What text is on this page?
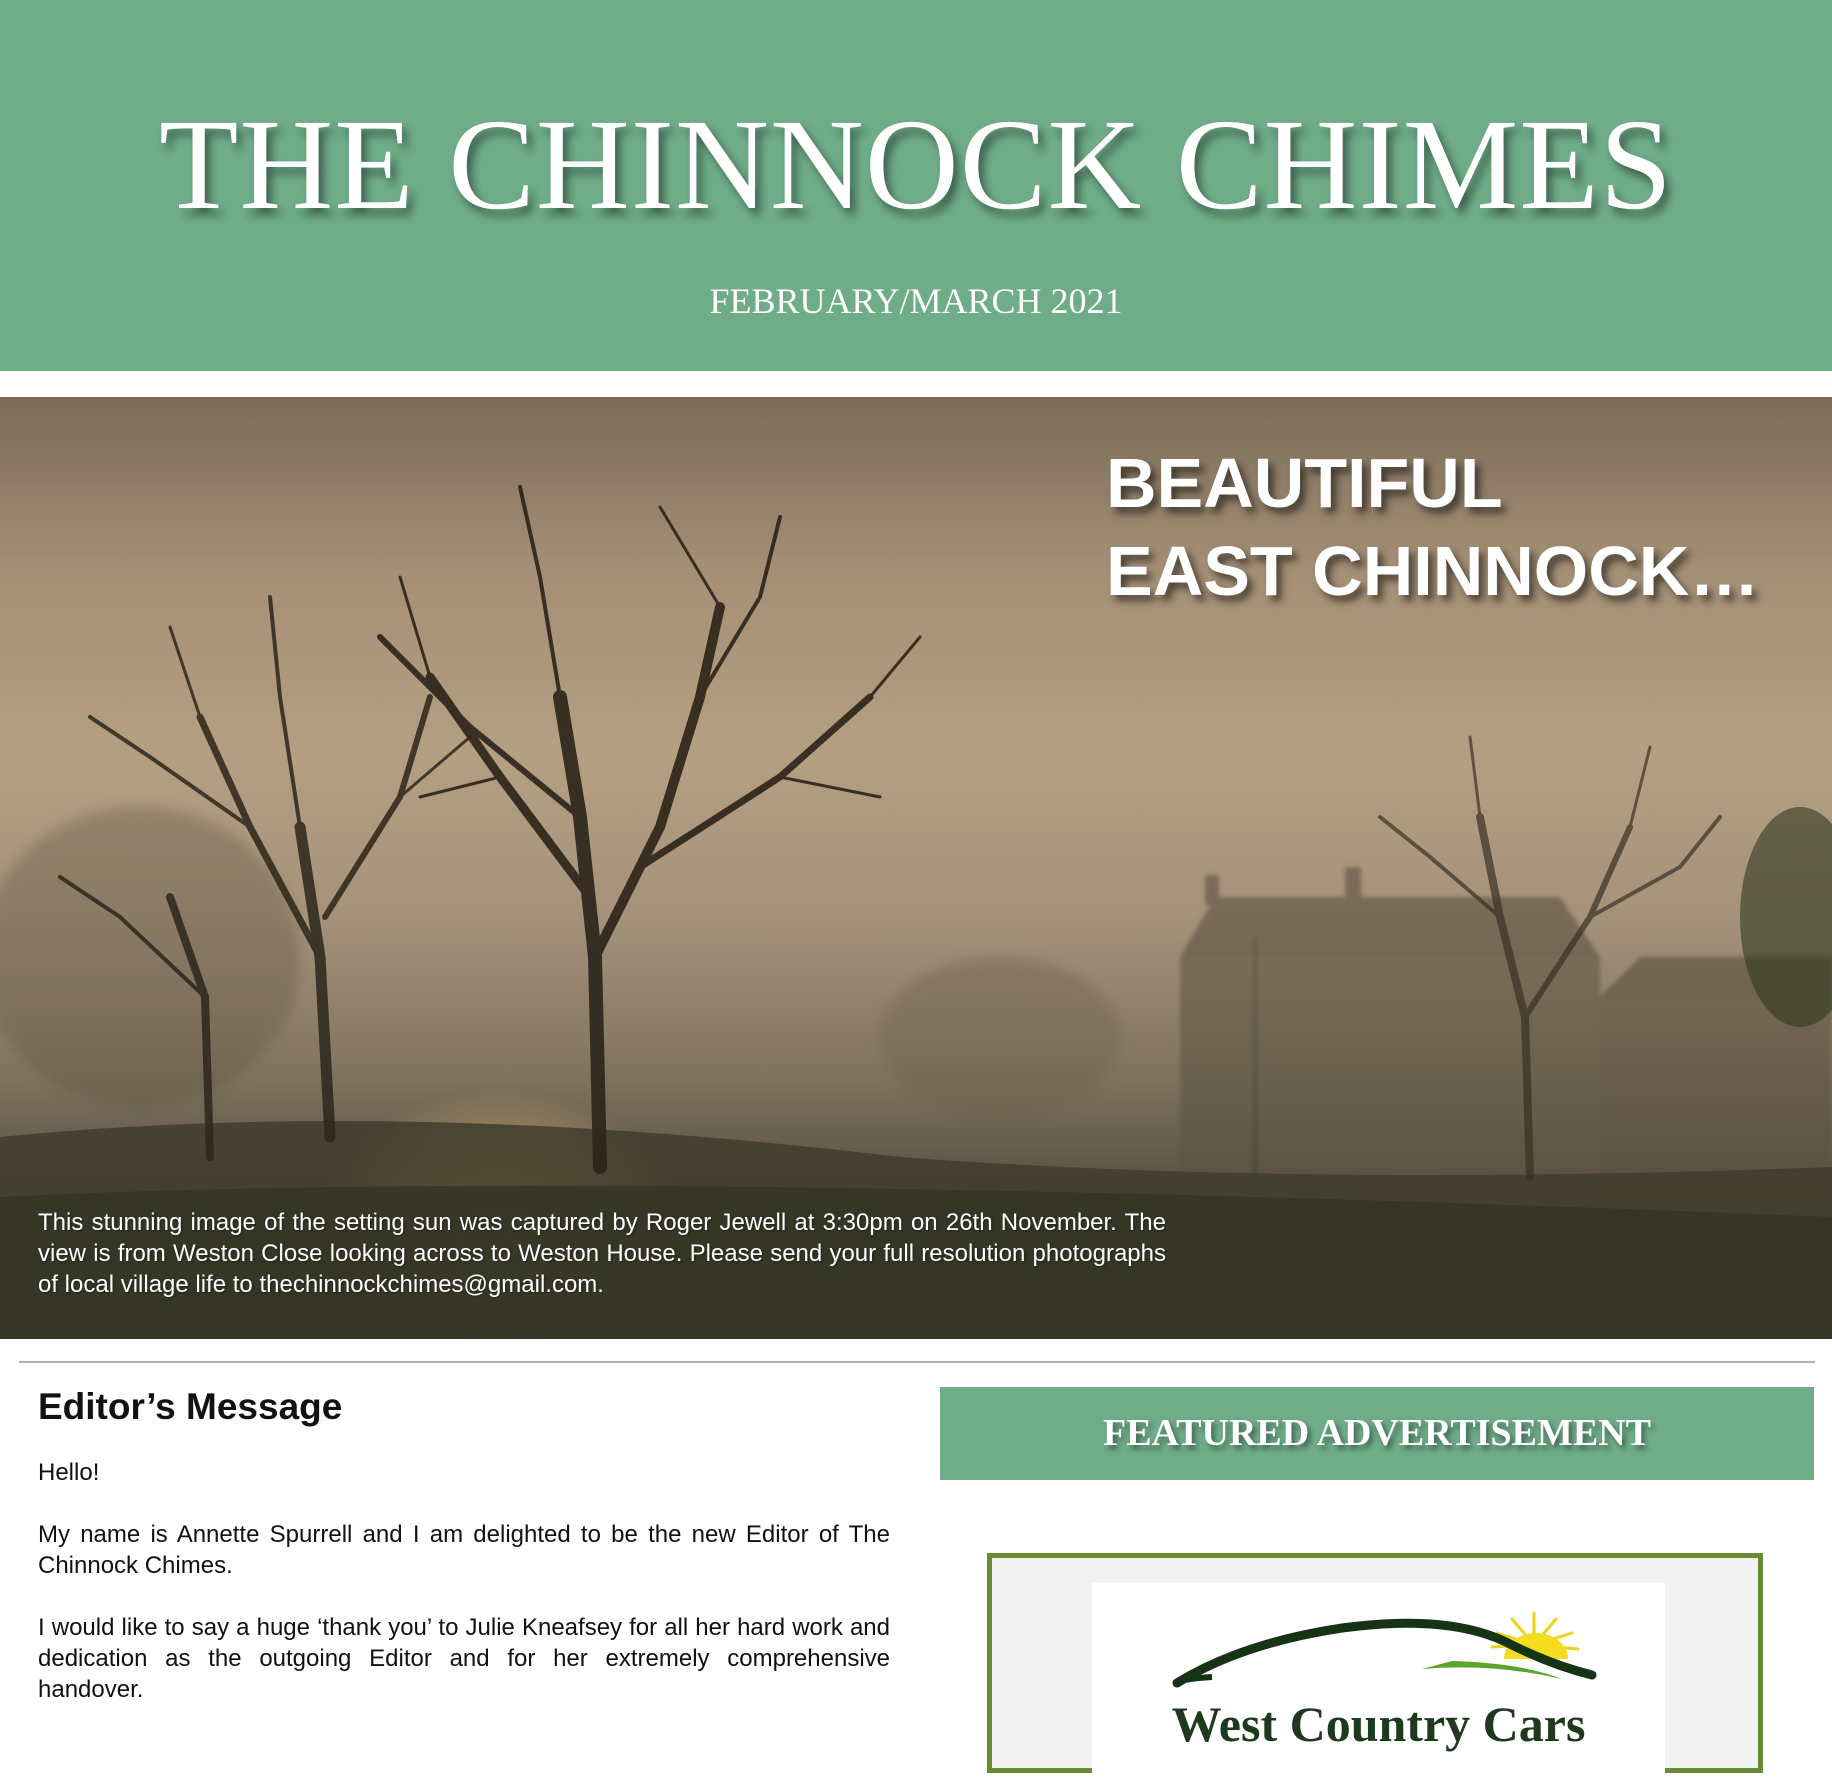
THE CHINNOCK CHIMES
FEBRUARY/MARCH 2021
BEAUTIFUL
EAST CHINNOCK…
This stunning image of the setting sun was captured by Roger Jewell at 3:30pm on 26th November. The view is from Weston Close looking across to Weston House. Please send your full resolution photographs of local village life to thechinnockchimes@gmail.com.
Editor’s Message

Hello!

My name is Annette Spurrell and I am delighted to be the new Editor of The Chinnock Chimes.

I would like to say a huge ‘thank you’ to Julie Kneafsey for all her hard work and dedication as the outgoing Editor and for her extremely comprehensive handover.

FEATURED ADVERTISEMENT
West Country Cars
